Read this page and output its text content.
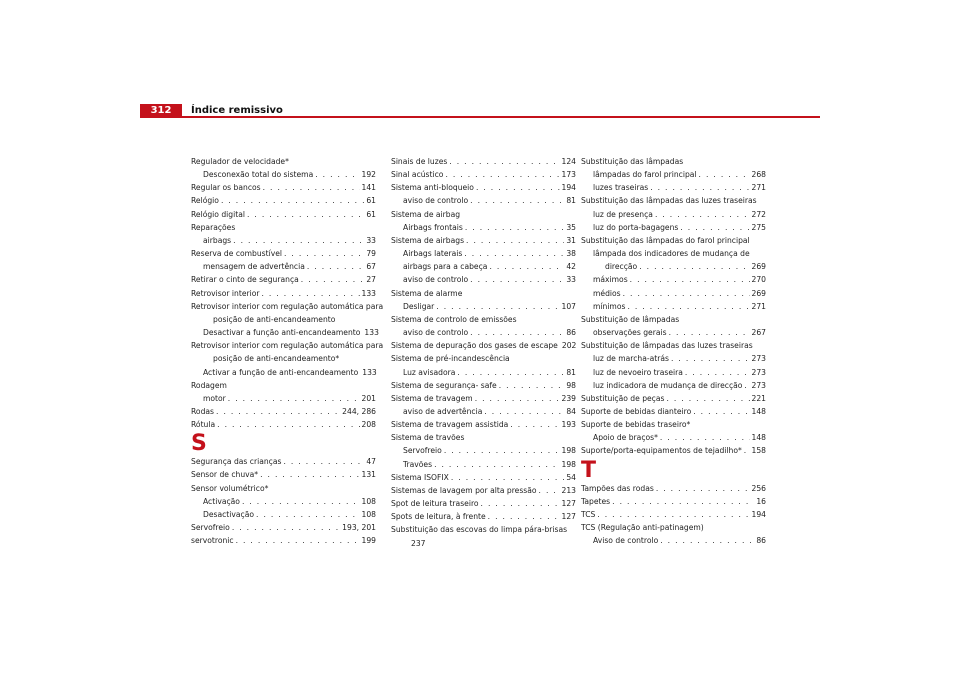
312	Índice remissivo
Regulador de velocidade*
Desconexão total do sistema . . .	192
Regular os bancos . . .	141
Relógio . . .	61
Relógio digital . . .	61
Reparações
airbags . . .	33
Reserva de combustível . . .	79
mensagem de advertência . . .	67
Retirar o cinto de segurança . . .	27
Retrovisor interior . . .	133
Retrovisor interior com regulação automática para
posição de anti-encandeamento
Desactivar a função anti-encandeamento 133
Retrovisor interior com regulação automática para
posição de anti-encandeamento*
Activar a função de anti-encandeamento 133
Rodagem
motor . . .	201
Rodas . . .	244, 286
Rótula . . .	208
S
Segurança das crianças . . .	47
Sensor de chuva* . . .	131
Sensor volumétrico*
Activação . . .	108
Desactivação . . .	108
Servofreio . . .	193, 201
servotronic . . .	199
Sinais de luzes . . .	124
Sinal acústico . . .	173
Sistema anti-bloqueio . . .	194
aviso de controlo . . .	81
Sistema de airbag
Airbags frontais . . .	35
Sistema de airbags . . .	31
Airbags laterais . . .	38
airbags para a cabeça . . .	42
aviso de controlo . . .	33
Sistema de alarme
Desligar . . .	107
Sistema de controlo de emissões
aviso de controlo . . .	86
Sistema de depuração dos gases de escape 202
Sistema de pré-incandescência
Luz avisadora . . .	81
Sistema de segurança- safe . . .	98
Sistema de travagem . . .	239
aviso de advertência . . .	84
Sistema de travagem assistida . . .	193
Sistema de travões
Servofreio . . .	198
Travões . . .	198
Sistema ISOFIX . . .	54
Sistemas de lavagem por alta pressão . . .	213
Spot de leitura traseiro . . .	127
Spots de leitura, à frente . . .	127
Substituição das escovas do limpa pára-brisas
237
Substituição das lâmpadas
lâmpadas do farol principal . . .	268
luzes traseiras . . .	271
Substituição das lâmpadas das luzes traseiras
luz de presença . . .	272
luz do porta-bagagens . . .	275
Substituição das lâmpadas do farol principal
lâmpada dos indicadores de mudança de
direcção . . .	269
máximos . . .	270
médios . . .	269
mínimos . . .	271
Substituição de lâmpadas
observações gerais . . .	267
Substituição de lâmpadas das luzes traseiras
luz de marcha-atrás . . .	273
luz de nevoeiro traseira . . .	273
luz indicadora de mudança de direcção . . . 273
Substituição de peças . . .	221
Suporte de bebidas dianteiro . . .	148
Suporte de bebidas traseiro*
Apoio de braços* . . .	148
Suporte/porta-equipamentos de tejadilho* . . . 158
T
Tampões das rodas . . .	256
Tapetes . . .	16
TCS . . .	194
TCS (Regulação anti-patinagem)
Aviso de controlo . . .	86
